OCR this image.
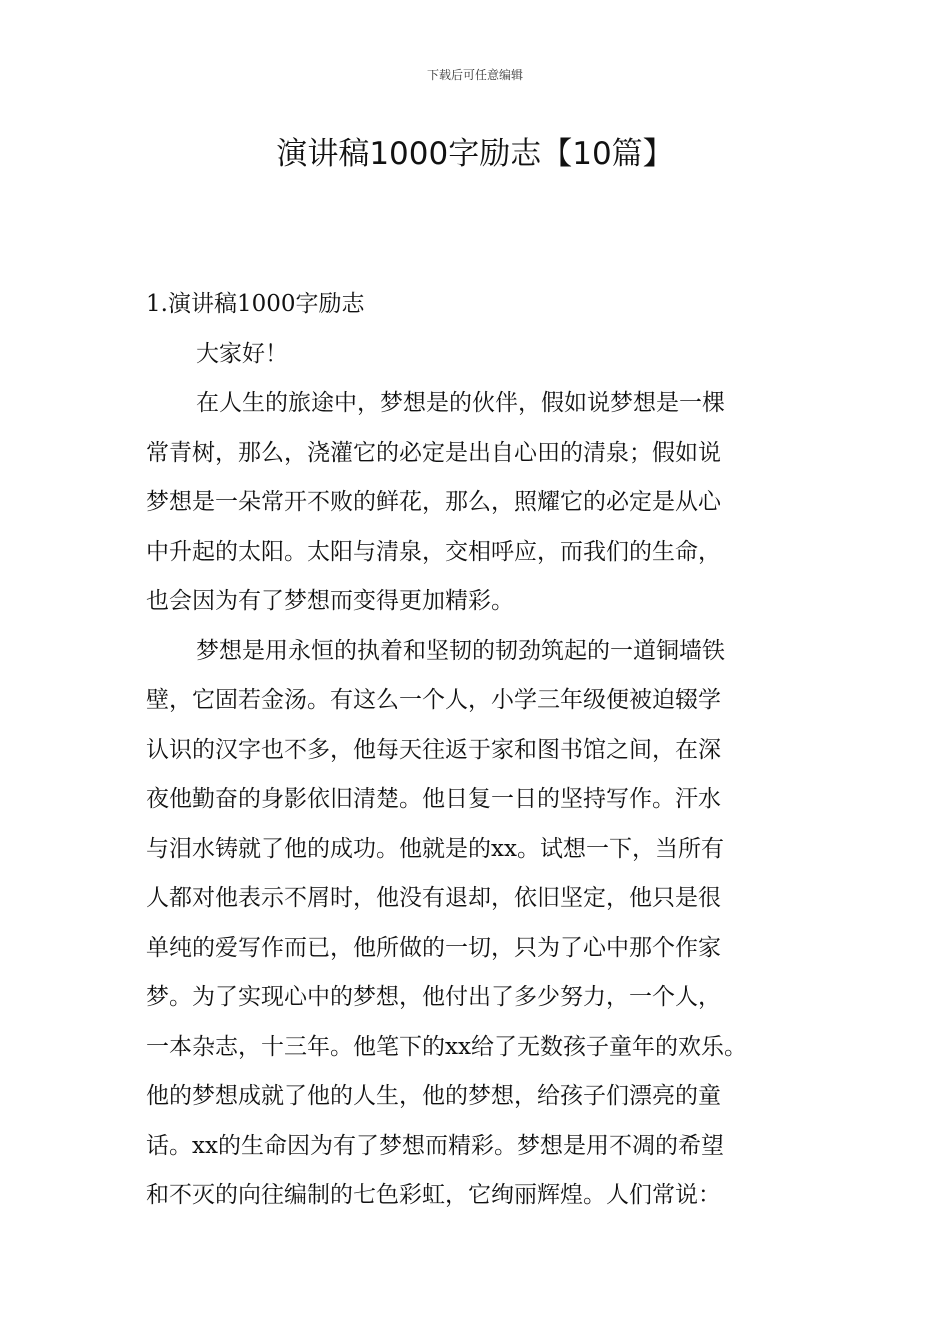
下载后可任意编辑
演讲稿1000字励志【10篇】
1.演讲稿1000字励志
大家好！
在人生的旅途中，梦想是的伙伴，假如说梦想是一棵
常青树，那么，浇灌它的必定是出自心田的清泉；假如说
梦想是一朵常开不败的鲜花，那么，照耀它的必定是从心
中升起的太阳。太阳与清泉，交相呼应，而我们的生命，
也会因为有了梦想而变得更加精彩。
梦想是用永恒的执着和坚韧的韧劲筑起的一道铜墙铁
壁，它固若金汤。有这么一个人，小学三年级便被迫辍学
认识的汉字也不多，他每天往返于家和图书馆之间，在深
夜他勤奋的身影依旧清楚。他日复一日的坚持写作。汗水
与泪水铸就了他的成功。他就是的xx。试想一下，当所有
人都对他表示不屑时，他没有退却，依旧坚定，他只是很
单纯的爱写作而已，他所做的一切，只为了心中那个作家
梦。为了实现心中的梦想，他付出了多少努力，一个人，
一本杂志，十三年。他笔下的xx给了无数孩子童年的欢乐。
他的梦想成就了他的人生，他的梦想，给孩子们漂亮的童
话。xx的生命因为有了梦想而精彩。梦想是用不凋的希望
和不灭的向往编制的七色彩虹，它绚丽辉煌。人们常说：
